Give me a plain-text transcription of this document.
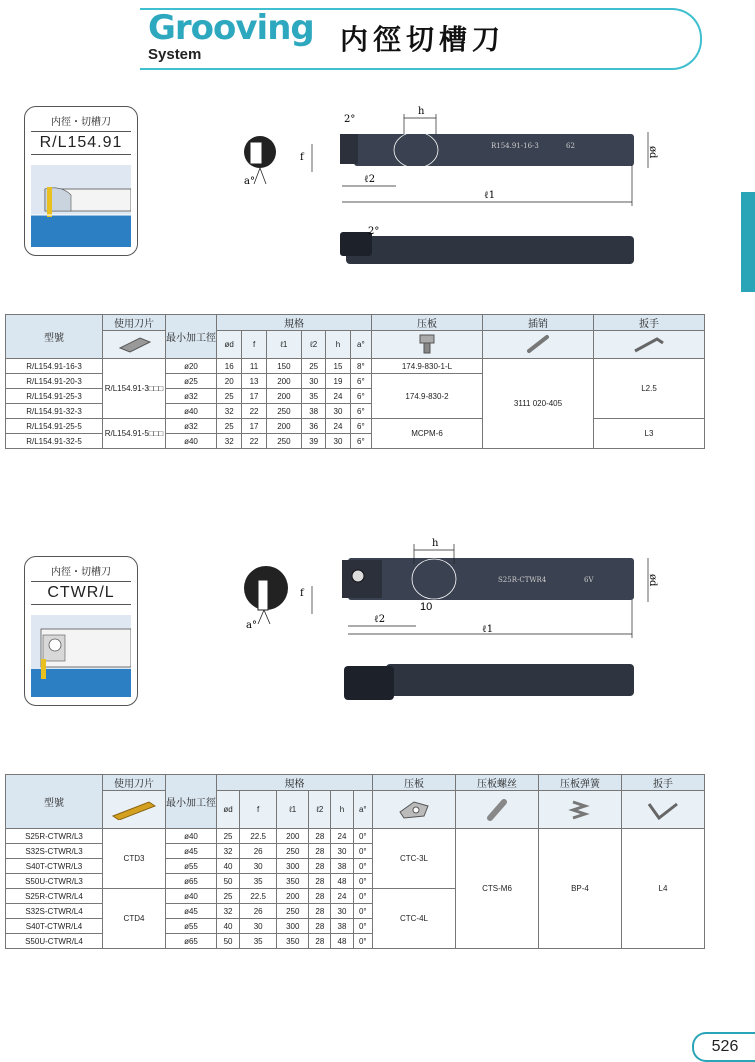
Grooving
System	内徑切槽刀
内徑・切槽刀
R/L154.91
a°
R154.91-16-3	62
h
2°
f
ℓ2
ℓ1
ød
2°
型號	使用刀片	最小加工徑	規格						压板	插销	扳手
	ød	f	ℓ1	ℓ2	h	a°			
R/L154.91-16-3	R/L154.91-3□□□	ø20	16	11	150	25	15	8°	174.9-830-1-L	3111 020-405	L2.5
R/L154.91-20-3		ø25	20	13	200	30	19	6°	174.9-830-2		
R/L154.91-25-3		ø32	25	17	200	35	24	6°			
R/L154.91-32-3		ø40	32	22	250	38	30	6°			
R/L154.91-25-5	R/L154.91-5□□□	ø32	25	17	200	36	24	6°	MCPM-6		L3
R/L154.91-32-5		ø40	32	22	250	39	30	6°			
内徑・切槽刀
CTWR/L
a°
S25R-CTWR4	6V
h
f
10
ℓ2
ℓ1
ød
型號	使用刀片	最小加工徑	規格						压板	压板螺丝	压板弹簧	扳手
	ød	f	ℓ1	ℓ2	h	a°				
S25R-CTWR/L3	CTD3	ø40	25	22.5	200	28	24	0°	CTC-3L	CTS-M6	BP-4	L4
S32S-CTWR/L3		ø45	32	26	250	28	30	0°				
S40T-CTWR/L3		ø55	40	30	300	28	38	0°				
S50U-CTWR/L3		ø65	50	35	350	28	48	0°				
S25R-CTWR/L4	CTD4	ø40	25	22.5	200	28	24	0°	CTC-4L			
S32S-CTWR/L4		ø45	32	26	250	28	30	0°				
S40T-CTWR/L4		ø55	40	30	300	28	38	0°				
S50U-CTWR/L4		ø65	50	35	350	28	48	0°				
526
